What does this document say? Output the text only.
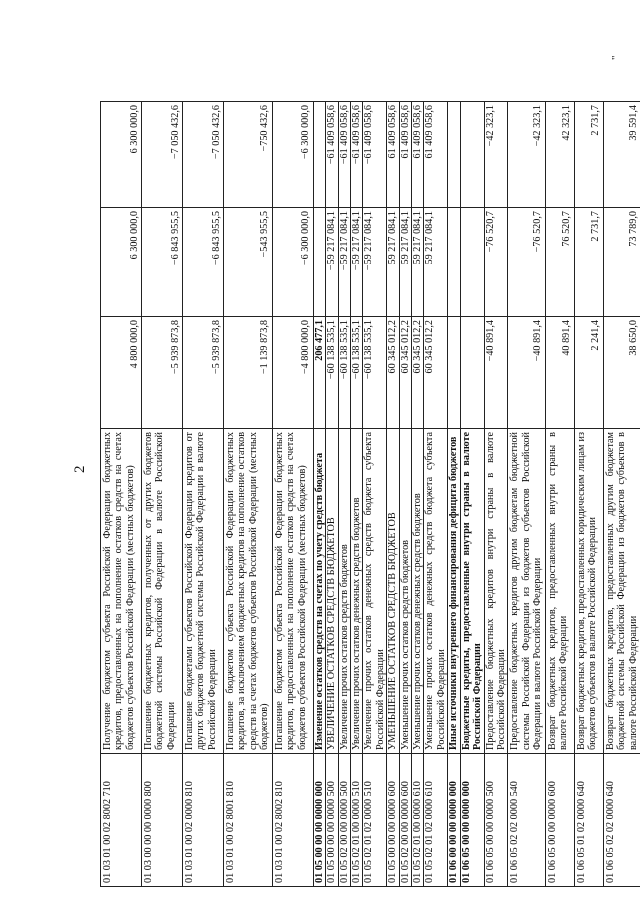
2
"
01 03 01 00 02 8002 710	Получение бюджетом субъекта Российской Федерации бюджетных кредитов, предоставленных на пополнение остатков средств на счетах бюджетов субъектов Российской Федерации (местных бюджетов)	4 800 000,0	6 300 000,0	6 300 000,0
01 03 00 00 00 0000 800	Погашение бюджетных кредитов, полученных от других бюджетов бюджетной системы Российской Федерации в валюте Российской Федерации	−5 939 873,8	−6 843 955,5	−7 050 432,6
01 03 01 00 02 0000 810	Погашение бюджетами субъектов Российской Федерации кредитов от других бюджетов бюджетной системы Российской Федерации в валюте Российской Федерации	−5 939 873,8	−6 843 955,5	−7 050 432,6
01 03 01 00 02 8001 810	Погашение бюджетом субъекта Российской Федерации бюджетных кредитов, за исключением бюджетных кредитов на пополнение остатков средств на счетах бюджетов субъектов Российской Федерации (местных бюджетов)	−1 139 873,8	−543 955,5	−750 432,6
01 03 01 00 02 8002 810	Погашение бюджетом субъекта Российской Федерации бюджетных кредитов, предоставленных на пополнение остатков средств на счетах бюджетов субъектов Российской Федерации (местных бюджетов)	−4 800 000,0	−6 300 000,0	−6 300 000,0
01 05 00 00 00 0000 000	Изменение остатков средств на счетах по учету средств бюджета	206 477,1		
01 05 00 00 00 0000 500	УВЕЛИЧЕНИЕ ОСТАТКОВ СРЕДСТВ БЮДЖЕТОВ	−60 138 535,1	−59 217 084,1	−61 409 058,6
01 05 02 00 00 0000 500	Увеличение прочих остатков средств бюджетов	−60 138 535,1	−59 217 084,1	−61 409 058,6
01 05 02 01 00 0000 510	Увеличение прочих остатков денежных средств бюджетов	−60 138 535,1	−59 217 084,1	−61 409 058,6
01 05 02 01 02 0000 510	Увеличение прочих остатков денежных средств бюджета субъекта Российской Федерации	−60 138 535,1	−59 217 084,1	−61 409 058,6
01 05 00 00 00 0000 600	УМЕНЬШЕНИЕ ОСТАТКОВ СРЕДСТВ БЮДЖЕТОВ	60 345 012,2	59 217 084,1	61 409 058,6
01 05 02 00 00 0000 600	Уменьшение прочих остатков средств бюджетов	60 345 012,2	59 217 084,1	61 409 058,6
01 05 02 01 00 0000 610	Уменьшение прочих остатков денежных средств бюджетов	60 345 012,2	59 217 084,1	61 409 058,6
01 05 02 01 02 0000 610	Уменьшение прочих остатков денежных средств бюджета субъекта Российской Федерации	60 345 012,2	59 217 084,1	61 409 058,6
01 06 00 00 00 0000 000	Иные источники внутреннего финансирования дефицита бюджетов			
01 06 05 00 00 0000 000	Бюджетные кредиты, предоставленные внутри страны в валюте Российской Федерации			
01 06 05 00 00 0000 500	Предоставление бюджетных кредитов внутри страны в валюте Российской Федерации	−40 891,4	−76 520,7	−42 323,1
01 06 05 02 02 0000 540	Предоставление бюджетных кредитов другим бюджетам бюджетной системы Российской Федерации из бюджетов субъектов Российской Федерации в валюте Российской Федерации	−40 891,4	−76 520,7	−42 323,1
01 06 05 00 00 0000 600	Возврат бюджетных кредитов, предоставленных внутри страны в валюте Российской Федерации	40 891,4	76 520,7	42 323,1
01 06 05 01 02 0000 640	Возврат бюджетных кредитов, предоставленных юридическим лицам из бюджетов субъектов в валюте Российской Федерации	2 241,4	2 731,7	2 731,7
01 06 05 02 02 0000 640	Возврат бюджетных кредитов, предоставленных другим бюджетам бюджетной системы Российской Федерации из бюджетов субъектов в валюте Российской Федерации	38 650,0	73 789,0	39 591,4
